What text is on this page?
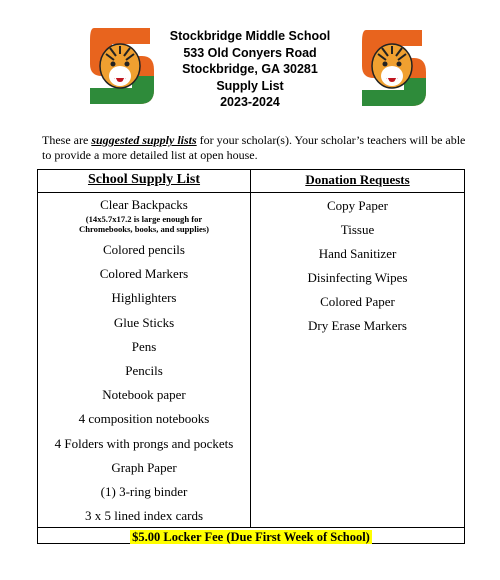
Stockbridge Middle School
533 Old Conyers Road
Stockbridge, GA 30281
Supply List
2023-2024
These are suggested supply lists for your scholar(s). Your scholar’s teachers will be able to provide a more detailed list at open house.
School Supply List	Donation Requests
Clear Backpacks
(14x5.7x17.2 is large enough for
Chromebooks, books, and supplies)
Colored pencils
Colored Markers
Highlighters
Glue Sticks
Pens
Pencils
Notebook paper
4 composition notebooks
4 Folders with prongs and pockets
Graph Paper
(1) 3-ring binder
3 x 5 lined index cards
Copy Paper
Tissue
Hand Sanitizer
Disinfecting Wipes
Colored Paper
Dry Erase Markers
$5.00 Locker Fee (Due First Week of School)
